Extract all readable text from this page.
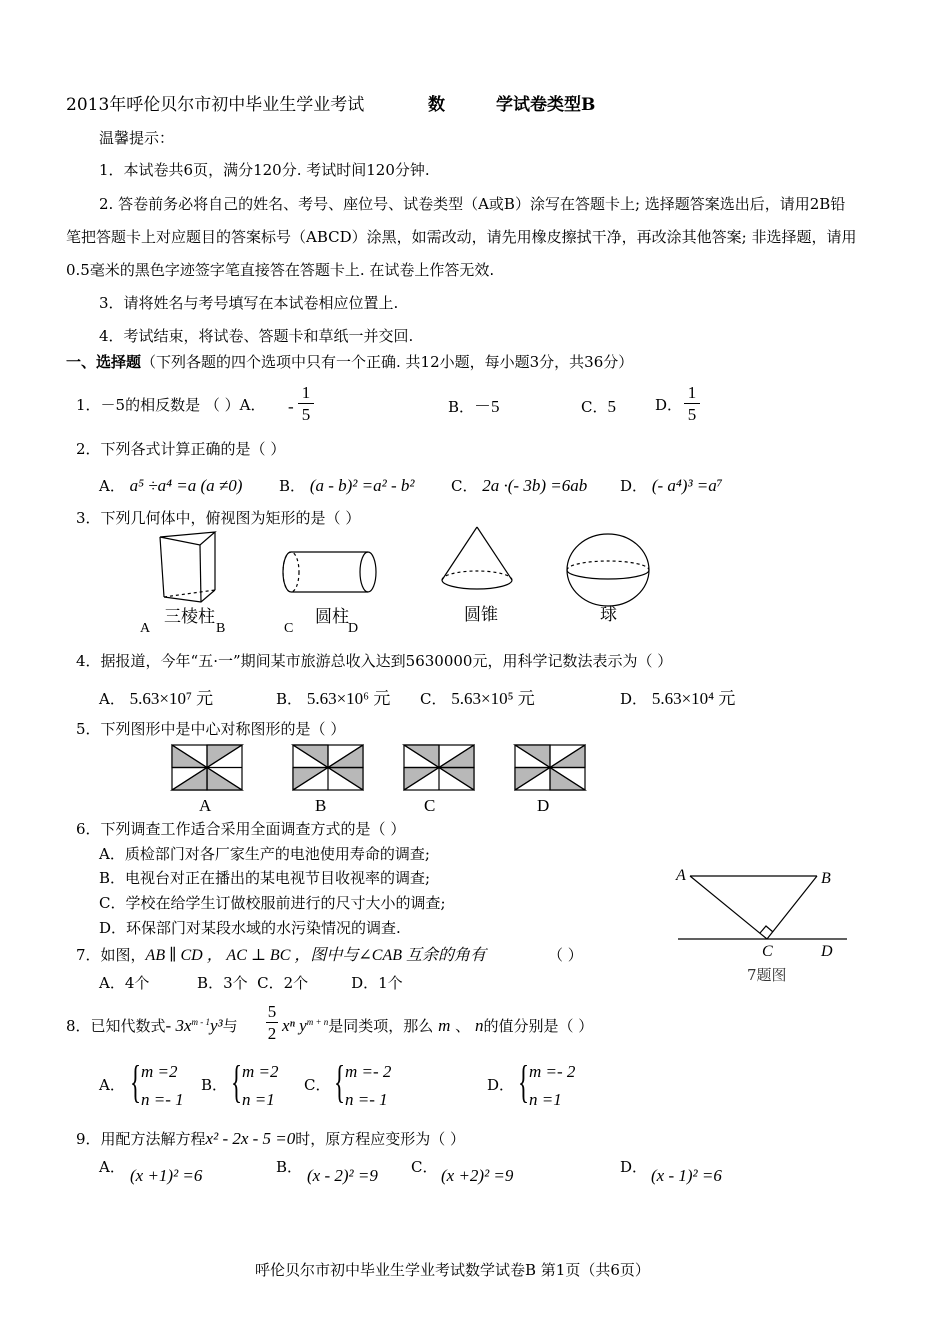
2013年呼伦贝尔市初中毕业生学业考试	数	学试卷类型B
温馨提示：
1．本试卷共6页，满分120分. 考试时间120分钟.
2. 答卷前务必将自己的姓名、考号、座位号、试卷类型（A或B）涂写在答题卡上; 选择题答案选出后，请用2B铅
笔把答题卡上对应题目的答案标号（ABCD）涂黑，如需改动，请先用橡皮擦拭干净，再改涂其他答案; 非选择题，请用
0.5毫米的黑色字迹签字笔直接答在答题卡上. 在试卷上作答无效.
3．请将姓名与考号填写在本试卷相应位置上.
4．考试结束，将试卷、答题卡和草纸一并交回.
一、选择题（下列各题的四个选项中只有一个正确. 共12小题，每小题3分，共36分）
1．－5的相反数是 （ ）A． -
1
5	B．－5	C．5	D．
1
5
2．下列各式计算正确的是（ ）
A． a⁵ ÷a⁴ =a (a ≠0) B． (a - b)² =a² - b² C． 2a ·(- 3b) =6ab D． (- a⁴)³ =a⁷
3．下列几何体中，俯视图为矩形的是（ ）
三棱柱	圆柱	圆锥	球
A	B	C	D
4．据报道，今年“五·一”期间某市旅游总收入达到5630000元，用科学记数法表示为（ ）
A． 5.63×10⁷ 元	B． 5.63×10⁶ 元 C． 5.63×10⁵ 元	D． 5.63×10⁴ 元
5．下列图形中是中心对称图形的是（ ）
A	B	C	D
6．下列调查工作适合采用全面调查方式的是（ ）
A．质检部门对各厂家生产的电池使用寿命的调查;
B．电视台对正在播出的某电视节目收视率的调查;
C．学校在给学生订做校服前进行的尺寸大小的调查;
D．环保部门对某段水域的水污染情况的调查.
7．如图，AB ∥ CD ， AC ⊥ BC ，图中与∠CAB 互余的角有	（ ）
A．4个          B．3个  C．2个         D．1个
A	B
C	D
7题图
8．已知代数式- $3x^{m - 1}y^3$与
5
2 xⁿ $y^{m + n}$是同类项，那么 m 、 n的值分别是（ ）
A． { m =2
n =- 1
B． { m =2
n =1
C． { m =- 2
n =- 1
D． { m =- 2
n =1
9．用配方法解方程x² - 2x - 5 =0时，原方程应变形为（ ）
A． (x +1)² =6	B． (x - 2)² =9 C． (x +2)² =9	D． (x - 1)² =6
呼伦贝尔市初中毕业生学业考试数学试卷B 第1页（共6页）
